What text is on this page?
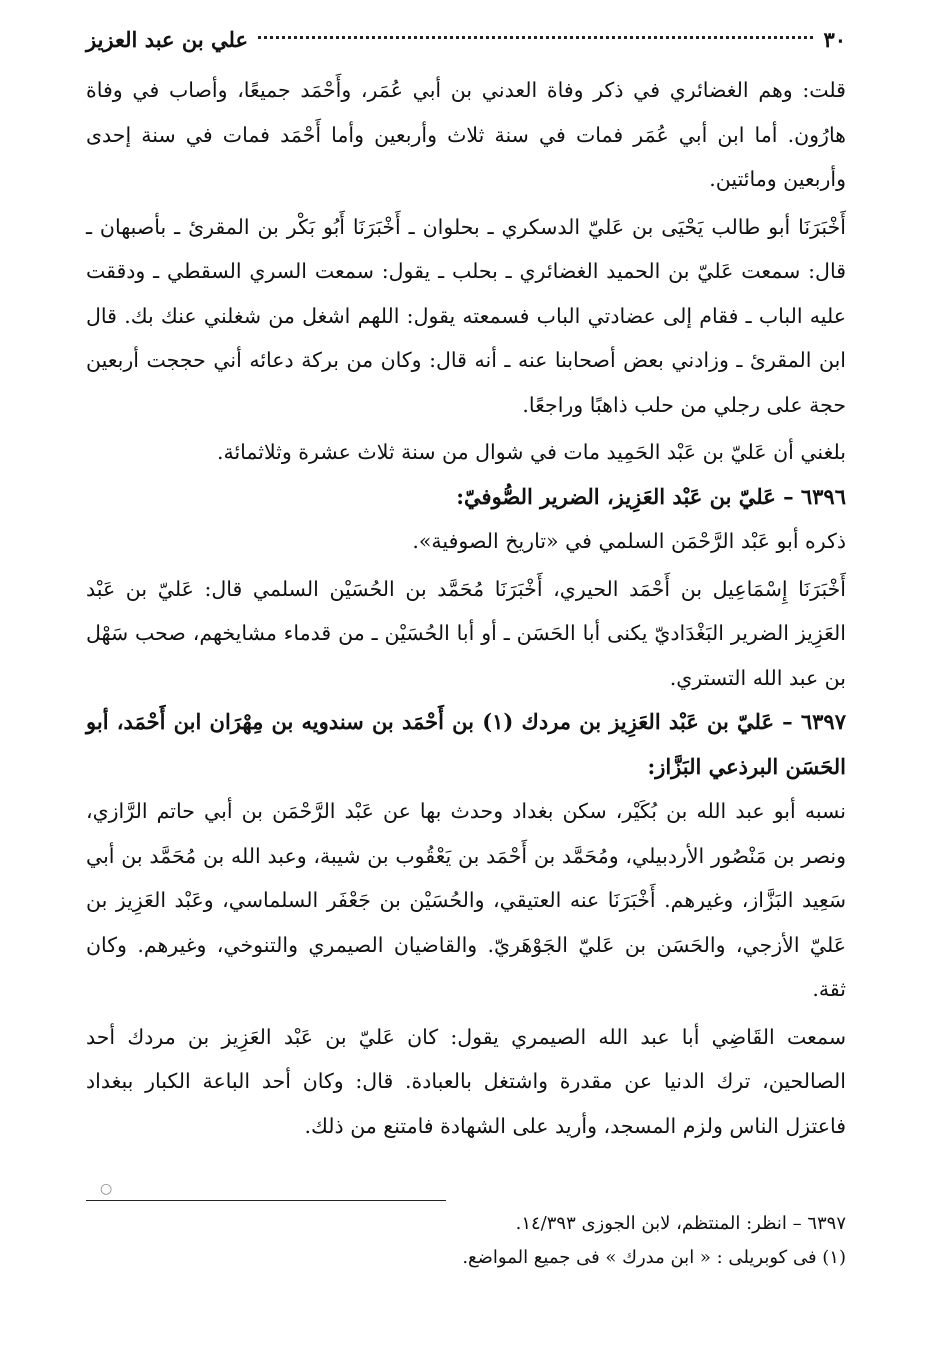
٣٠
علي بن عبد العزيز

قلت: وهم الغضائري في ذكر وفاة العدني بن أبي عُمَر، وأَحْمَد جميعًا، وأصاب في وفاة هارُون. أما ابن أبي عُمَر فمات في سنة ثلاث وأربعين وأما أَحْمَد فمات في سنة إحدى وأربعين ومائتين.

أَخْبَرَنَا أبو طالب يَحْيَى بن عَليّ الدسكري ـ بحلوان ـ أَخْبَرَنَا أَبُو بَكْر بن المقرئ ـ بأصبهان ـ قال: سمعت عَليّ بن الحميد الغضائري ـ بحلب ـ يقول: سمعت السري السقطي ـ ودققت عليه الباب ـ فقام إلى عضادتي الباب فسمعته يقول: اللهم اشغل من شغلني عنك بك. قال ابن المقرئ ـ وزادني بعض أصحابنا عنه ـ أنه قال: وكان من بركة دعائه أني حججت أربعين حجة على رجلي من حلب ذاهبًا وراجعًا.

بلغني أن عَليّ بن عَبْد الحَمِيد مات في شوال من سنة ثلاث عشرة وثلاثمائة.

٦٣٩٦ – عَليّ بن عَبْد العَزِيز، الضرير الصُّوفيّ:

ذكره أبو عَبْد الرَّحْمَن السلمي في «تاريخ الصوفية».

أَخْبَرَنَا إِسْمَاعِيل بن أَحْمَد الحيري، أَخْبَرَنَا مُحَمَّد بن الحُسَيْن السلمي قال: عَليّ بن عَبْد العَزِيز الضرير البَغْدَاديّ يكنى أبا الحَسَن ـ أو أبا الحُسَيْن ـ من قدماء مشايخهم، صحب سَهْل بن عبد الله التستري.

٦٣٩٧ – عَليّ بن عَبْد العَزِيز بن مردك (١) بن أَحْمَد بن سندويه بن مِهْرَان ابن أَحْمَد، أبو الحَسَن البرذعي البَزَّاز:

نسبه أبو عبد الله بن بُكَيْر، سكن بغداد وحدث بها عن عَبْد الرَّحْمَن بن أبي حاتم الرَّازي، ونصر بن مَنْصُور الأردبيلي، ومُحَمَّد بن أَحْمَد بن يَعْقُوب بن شيبة، وعبد الله بن مُحَمَّد بن أبي سَعِيد البَزَّاز، وغيرهم. أَخْبَرَنَا عنه العتيقي، والحُسَيْن بن جَعْفَر السلماسي، وعَبْد العَزِيز بن عَليّ الأزجي، والحَسَن بن عَليّ الجَوْهَريّ. والقاضيان الصيمري والتنوخي، وغيرهم. وكان ثقة.

سمعت القَاضِي أبا عبد الله الصيمري يقول: كان عَليّ بن عَبْد العَزِيز بن مردك أحد الصالحين، ترك الدنيا عن مقدرة واشتغل بالعبادة. قال: وكان أحد الباعة الكبار ببغداد فاعتزل الناس ولزم المسجد، وأريد على الشهادة فامتنع من ذلك.

○

٦٣٩٧ – انظر: المنتظم، لابن الجوزى ١٤/٣٩٣.

(١) فى كوبريلى : « ابن مدرك » فى جميع المواضع.
